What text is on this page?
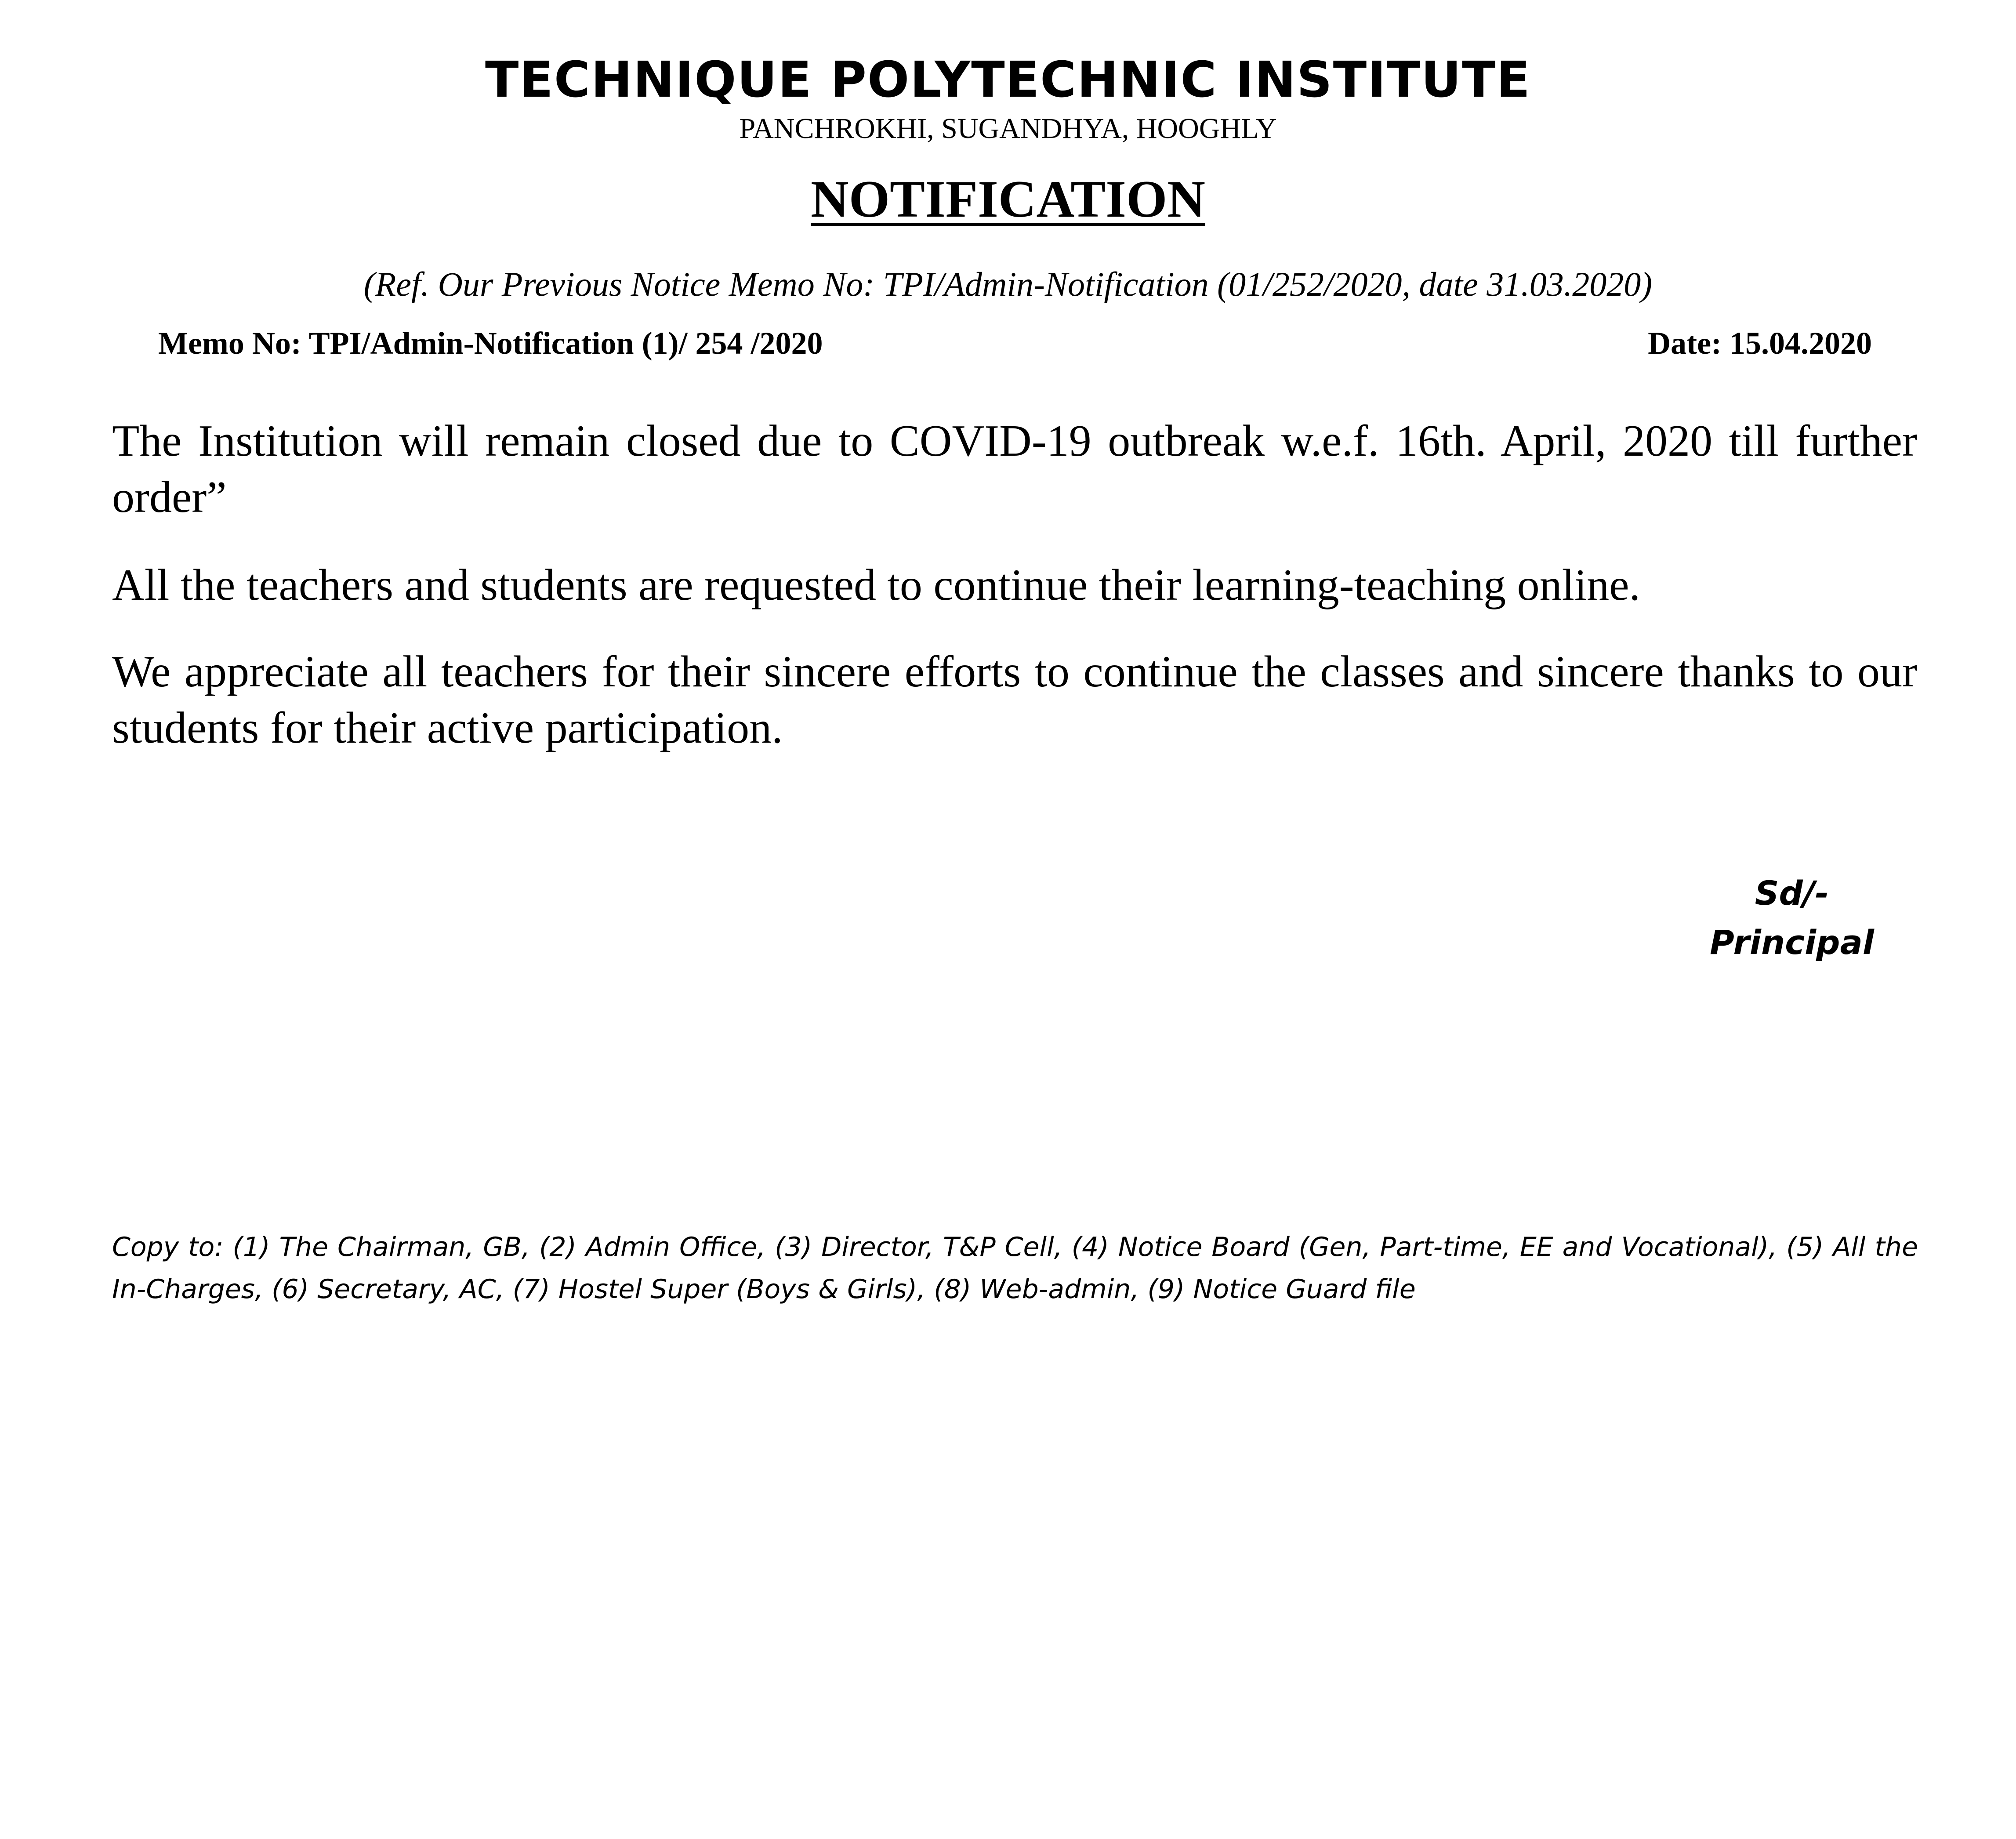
TECHNIQUE POLYTECHNIC INSTITUTE
PANCHROKHI, SUGANDHYA, HOOGHLY
NOTIFICATION
(Ref. Our Previous Notice Memo No: TPI/Admin-Notification (01/252/2020, date 31.03.2020)
Memo No: TPI/Admin-Notification (1)/ 254 /2020	Date: 15.04.2020

The Institution will remain closed due to COVID-19 outbreak w.e.f. 16th. April, 2020 till further order”

All the teachers and students are requested to continue their learning-teaching online.

We appreciate all teachers for their sincere efforts to continue the classes and sincere thanks to our students for their active participation.

Sd/-
Principal

Copy to: (1) The Chairman, GB, (2) Admin Office, (3) Director, T&P Cell, (4) Notice Board (Gen, Part-time, EE and Vocational), (5) All the In-Charges, (6) Secretary, AC, (7) Hostel Super (Boys & Girls), (8) Web-admin, (9) Notice Guard file
